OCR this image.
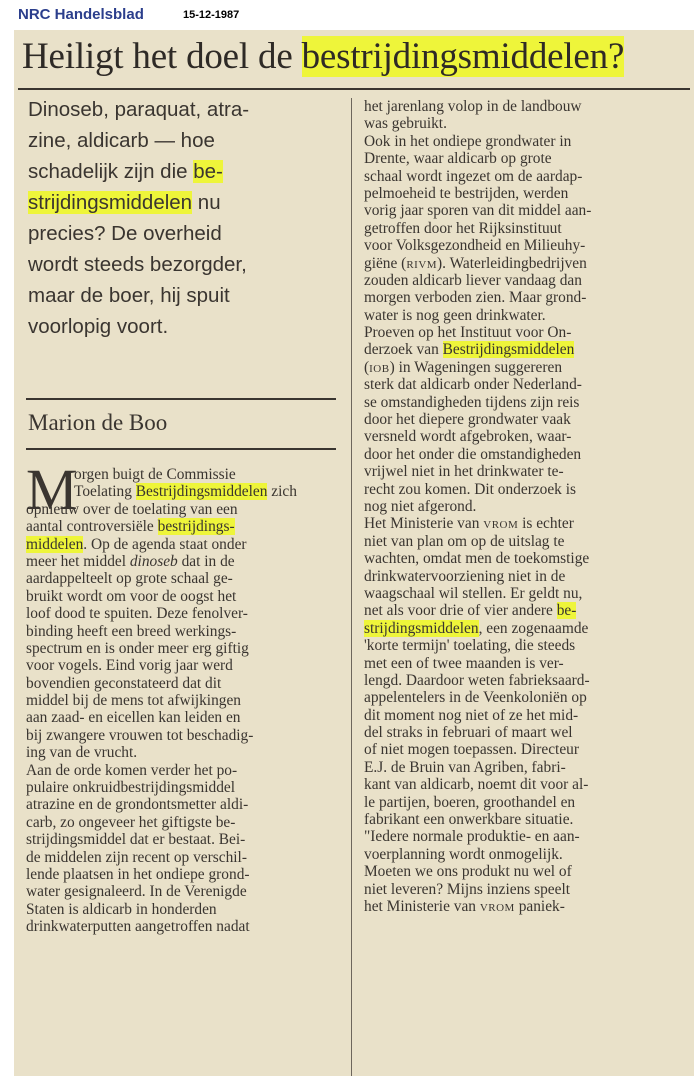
NRC Handelsblad	15-12-1987
Heiligt het doel de bestrijdingsmiddelen?
Dinoseb, paraquat, atra-
zine, aldicarb — hoe
schadelijk zijn die be-
strijdingsmiddelen nu
precies? De overheid
wordt steeds bezorgder,
maar de boer, hij spuit
voorlopig voort.
Marion de Boo
M
orgen buigt de Commissie
Toelating Bestrijdingsmiddelen zich
opnieuw over de toelating van een
aantal controversiële bestrijdings-
middelen. Op de agenda staat onder
meer het middel dinoseb dat in de
aardappelteelt op grote schaal ge-
bruikt wordt om voor de oogst het
loof dood te spuiten. Deze fenolver-
binding heeft een breed werkings-
spectrum en is onder meer erg giftig
voor vogels. Eind vorig jaar werd
bovendien geconstateerd dat dit
middel bij de mens tot afwijkingen
aan zaad- en eicellen kan leiden en
bij zwangere vrouwen tot beschadig-
ing van de vrucht.
Aan de orde komen verder het po-
pulaire onkruidbestrijdingsmiddel
atrazine en de grondontsmetter aldi-
carb, zo ongeveer het giftigste be-
strijdingsmiddel dat er bestaat. Bei-
de middelen zijn recent op verschil-
lende plaatsen in het ondiepe grond-
water gesignaleerd. In de Verenigde
Staten is aldicarb in honderden
drinkwaterputten aangetroffen nadat
het jarenlang volop in de landbouw
was gebruikt.
Ook in het ondiepe grondwater in
Drente, waar aldicarb op grote
schaal wordt ingezet om de aardap-
pelmoeheid te bestrijden, werden
vorig jaar sporen van dit middel aan-
getroffen door het Rijksinstituut
voor Volksgezondheid en Milieuhy-
giëne (rivm). Waterleidingbedrijven
zouden aldicarb liever vandaag dan
morgen verboden zien. Maar grond-
water is nog geen drinkwater.
Proeven op het Instituut voor On-
derzoek van Bestrijdingsmiddelen
(iob) in Wageningen suggereren
sterk dat aldicarb onder Nederland-
se omstandigheden tijdens zijn reis
door het diepere grondwater vaak
versneld wordt afgebroken, waar-
door het onder die omstandigheden
vrijwel niet in het drinkwater te-
recht zou komen. Dit onderzoek is
nog niet afgerond.
Het Ministerie van vrom is echter
niet van plan om op de uitslag te
wachten, omdat men de toekomstige
drinkwatervoorziening niet in de
waagschaal wil stellen. Er geldt nu,
net als voor drie of vier andere be-
strijdingsmiddelen, een zogenaamde
'korte termijn' toelating, die steeds
met een of twee maanden is ver-
lengd. Daardoor weten fabrieksaard-
appelentelers in de Veenkoloniën op
dit moment nog niet of ze het mid-
del straks in februari of maart wel
of niet mogen toepassen. Directeur
E.J. de Bruin van Agriben, fabri-
kant van aldicarb, noemt dit voor al-
le partijen, boeren, groothandel en
fabrikant een onwerkbare situatie.
"Iedere normale produktie- en aan-
voerplanning wordt onmogelijk.
Moeten we ons produkt nu wel of
niet leveren? Mijns inziens speelt
het Ministerie van vrom paniek-
